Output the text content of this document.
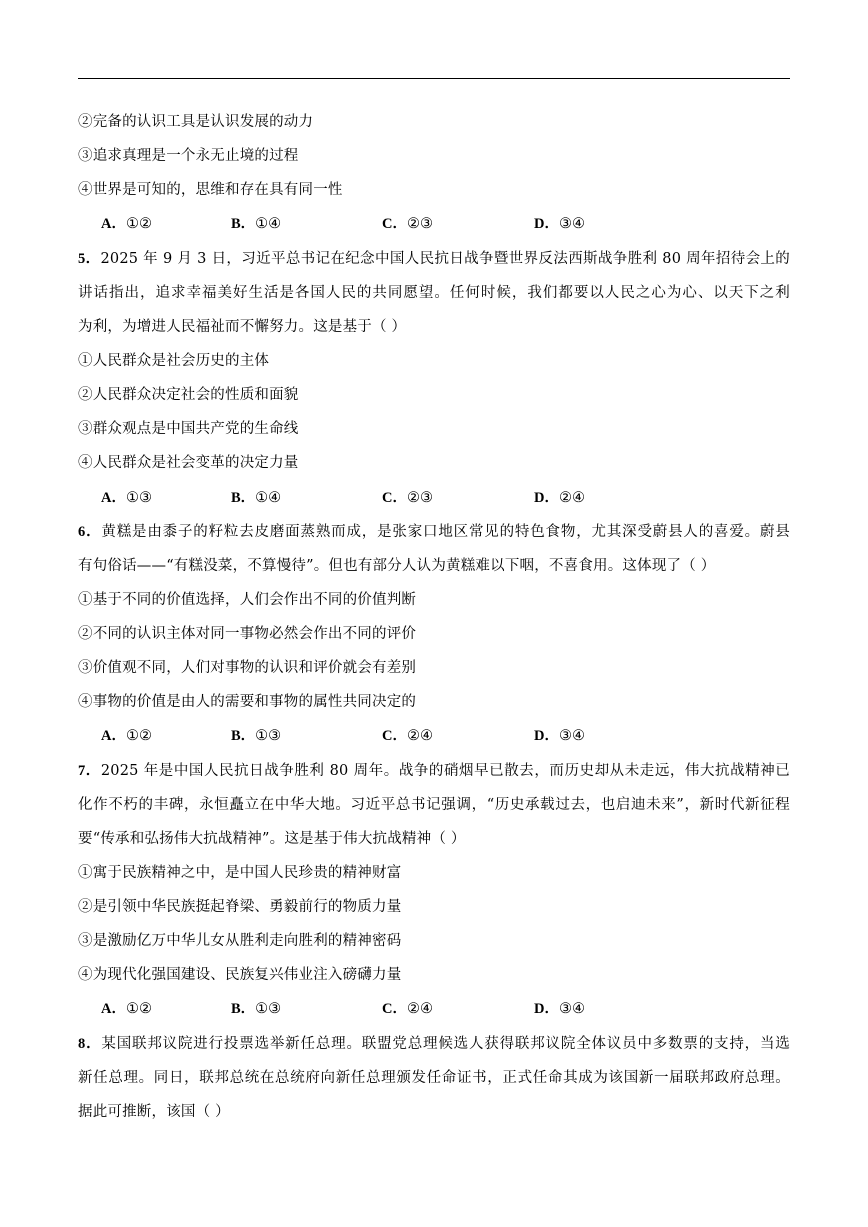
②完备的认识工具是认识发展的动力
③追求真理是一个永无止境的过程
④世界是可知的，思维和存在具有同一性
A．①②	B．①④	C．②③	D．③④
5．2025 年 9 月 3 日，习近平总书记在纪念中国人民抗日战争暨世界反法西斯战争胜利 80 周年招待会上的
讲话指出，追求幸福美好生活是各国人民的共同愿望。任何时候，我们都要以人民之心为心、以天下之利
为利，为增进人民福祉而不懈努力。这是基于（ ）
①人民群众是社会历史的主体
②人民群众决定社会的性质和面貌
③群众观点是中国共产党的生命线
④人民群众是社会变革的决定力量
A．①③	B．①④	C．②③	D．②④
6．黄糕是由黍子的籽粒去皮磨面蒸熟而成，是张家口地区常见的特色食物，尤其深受蔚县人的喜爱。蔚县
有句俗话——“有糕没菜，不算慢待”。但也有部分人认为黄糕难以下咽，不喜食用。这体现了（ ）
①基于不同的价值选择，人们会作出不同的价值判断
②不同的认识主体对同一事物必然会作出不同的评价
③价值观不同，人们对事物的认识和评价就会有差别
④事物的价值是由人的需要和事物的属性共同决定的
A．①②	B．①③	C．②④	D．③④
7．2025 年是中国人民抗日战争胜利 80 周年。战争的硝烟早已散去，而历史却从未走远，伟大抗战精神已
化作不朽的丰碑，永恒矗立在中华大地。习近平总书记强调，“历史承载过去，也启迪未来”，新时代新征程
要“传承和弘扬伟大抗战精神”。这是基于伟大抗战精神（ ）
①寓于民族精神之中，是中国人民珍贵的精神财富
②是引领中华民族挺起脊梁、勇毅前行的物质力量
③是激励亿万中华儿女从胜利走向胜利的精神密码
④为现代化强国建设、民族复兴伟业注入磅礴力量
A．①②	B．①③	C．②④	D．③④
8．某国联邦议院进行投票选举新任总理。联盟党总理候选人获得联邦议院全体议员中多数票的支持，当选
新任总理。同日，联邦总统在总统府向新任总理颁发任命证书，正式任命其成为该国新一届联邦政府总理。
据此可推断，该国（ ）
